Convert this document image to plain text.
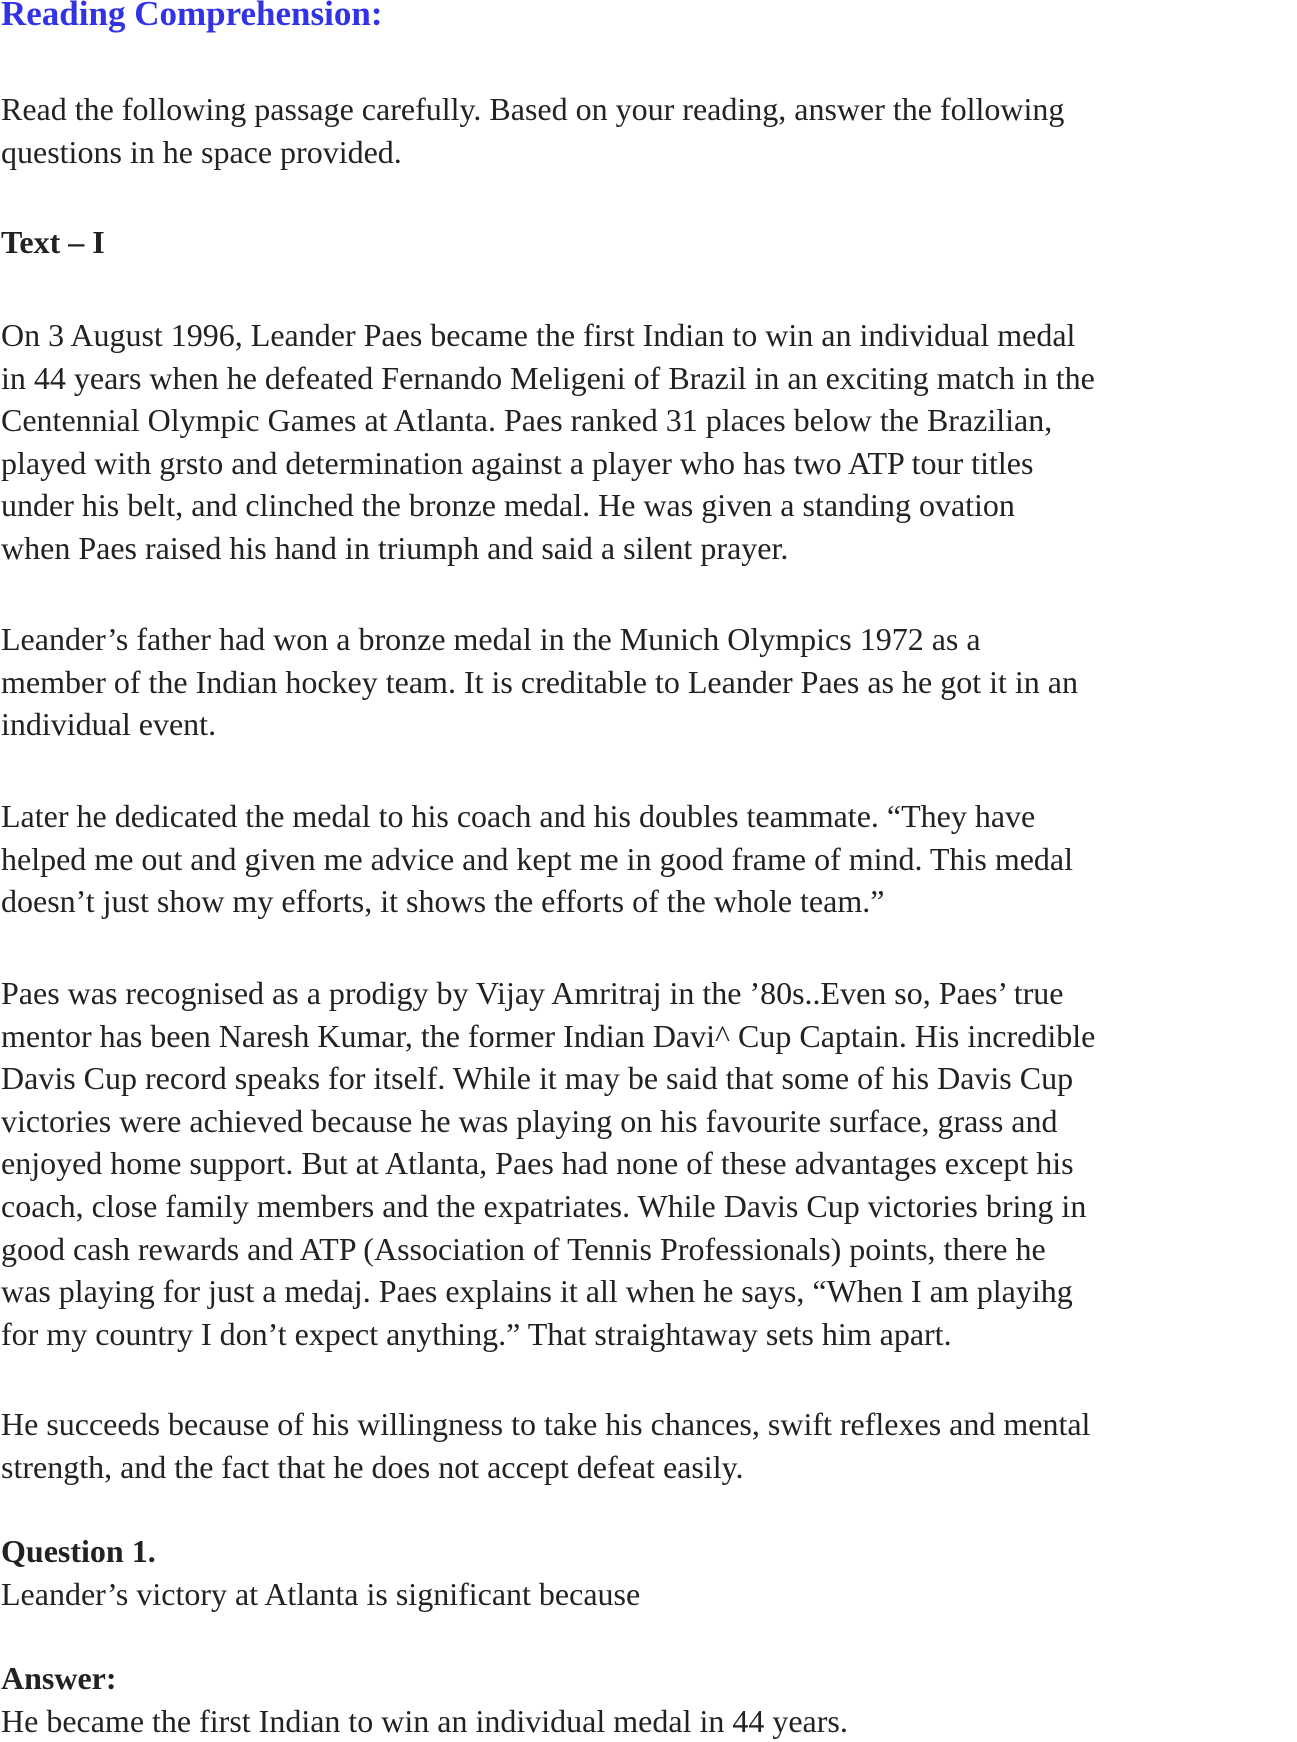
Reading Comprehension:
Read the following passage carefully. Based on your reading, answer the following
questions in he space provided.
Text – I
On 3 August 1996, Leander Paes became the first Indian to win an individual medal
in 44 years when he defeated Fernando Meligeni of Brazil in an exciting match in the
Centennial Olympic Games at Atlanta. Paes ranked 31 places below the Brazilian,
played with grsto and determination against a player who has two ATP tour titles
under his belt, and clinched the bronze medal. He was given a standing ovation
when Paes raised his hand in triumph and said a silent prayer.
Leander’s father had won a bronze medal in the Munich Olympics 1972 as a
member of the Indian hockey team. It is creditable to Leander Paes as he got it in an
individual event.
Later he dedicated the medal to his coach and his doubles teammate. “They have
helped me out and given me advice and kept me in good frame of mind. This medal
doesn’t just show my efforts, it shows the efforts of the whole team.”
Paes was recognised as a prodigy by Vijay Amritraj in the ’80s..Even so, Paes’ true
mentor has been Naresh Kumar, the former Indian Davi^ Cup Captain. His incredible
Davis Cup record speaks for itself. While it may be said that some of his Davis Cup
victories were achieved because he was playing on his favourite surface, grass and
enjoyed home support. But at Atlanta, Paes had none of these advantages except his
coach, close family members and the expatriates. While Davis Cup victories bring in
good cash rewards and ATP (Association of Tennis Professionals) points, there he
was playing for just a medaj. Paes explains it all when he says, “When I am playihg
for my country I don’t expect anything.” That straightaway sets him apart.
He succeeds because of his willingness to take his chances, swift reflexes and mental
strength, and the fact that he does not accept defeat easily.
Question 1.
Leander’s victory at Atlanta is significant because
Answer:
He became the first Indian to win an individual medal in 44 years.
